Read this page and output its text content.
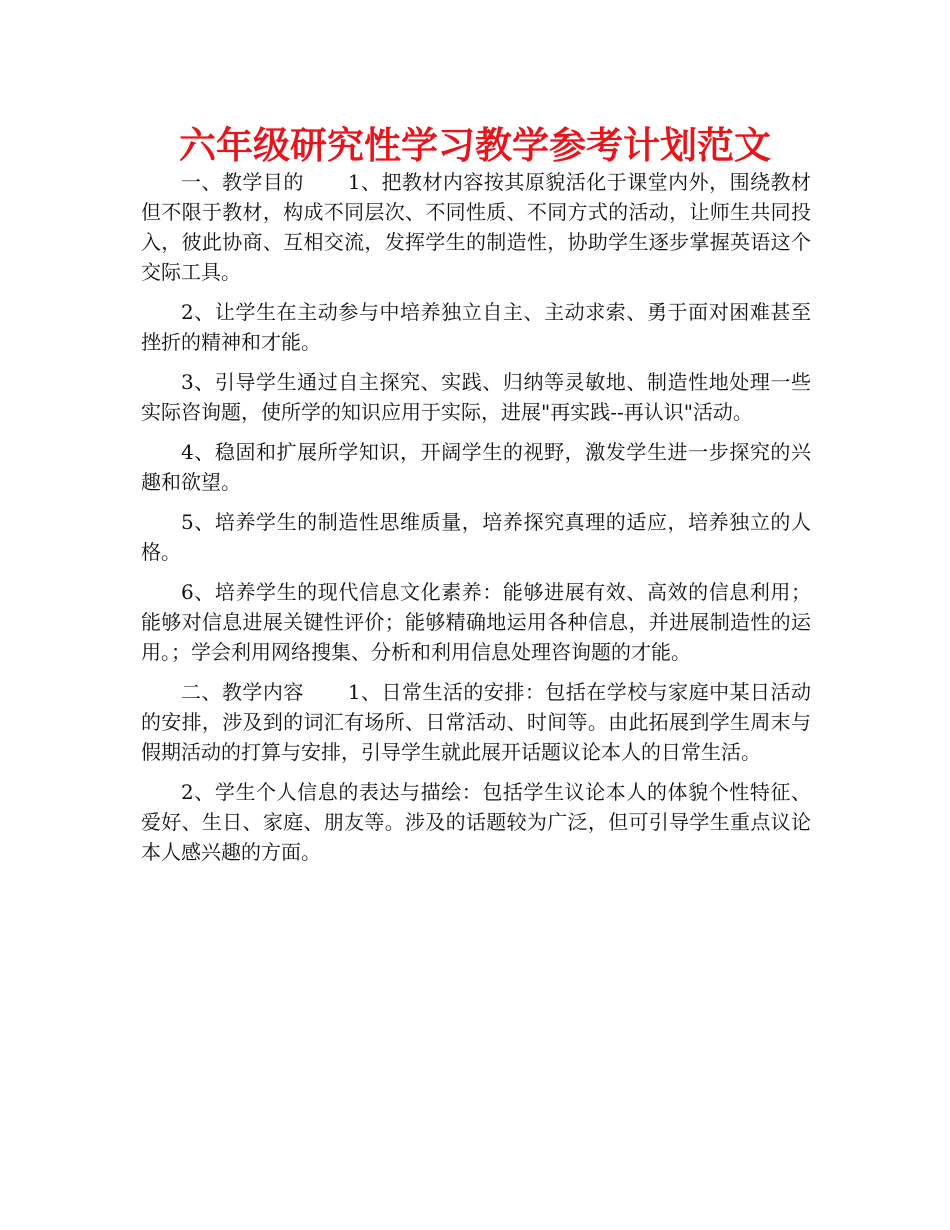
六年级研究性学习教学参考计划范文

一、教学目的 1、把教材内容按其原貌活化于课堂内外，围绕教材但不限于教材，构成不同层次、不同性质、不同方式的活动，让师生共同投入，彼此协商、互相交流，发挥学生的制造性，协助学生逐步掌握英语这个交际工具。

2、让学生在主动参与中培养独立自主、主动求索、勇于面对困难甚至挫折的精神和才能。

3、引导学生通过自主探究、实践、归纳等灵敏地、制造性地处理一些实际咨询题，使所学的知识应用于实际，进展"再实践--再认识"活动。

4、稳固和扩展所学知识，开阔学生的视野，激发学生进一步探究的兴趣和欲望。

5、培养学生的制造性思维质量，培养探究真理的适应，培养独立的人格。

6、培养学生的现代信息文化素养：能够进展有效、高效的信息利用；能够对信息进展关键性评价；能够精确地运用各种信息，并进展制造性的运用。；学会利用网络搜集、分析和利用信息处理咨询题的才能。

二、教学内容 1、日常生活的安排：包括在学校与家庭中某日活动的安排，涉及到的词汇有场所、日常活动、时间等。由此拓展到学生周末与假期活动的打算与安排，引导学生就此展开话题议论本人的日常生活。

2、学生个人信息的表达与描绘：包括学生议论本人的体貌个性特征、爱好、生日、家庭、朋友等。涉及的话题较为广泛，但可引导学生重点议论本人感兴趣的方面。
